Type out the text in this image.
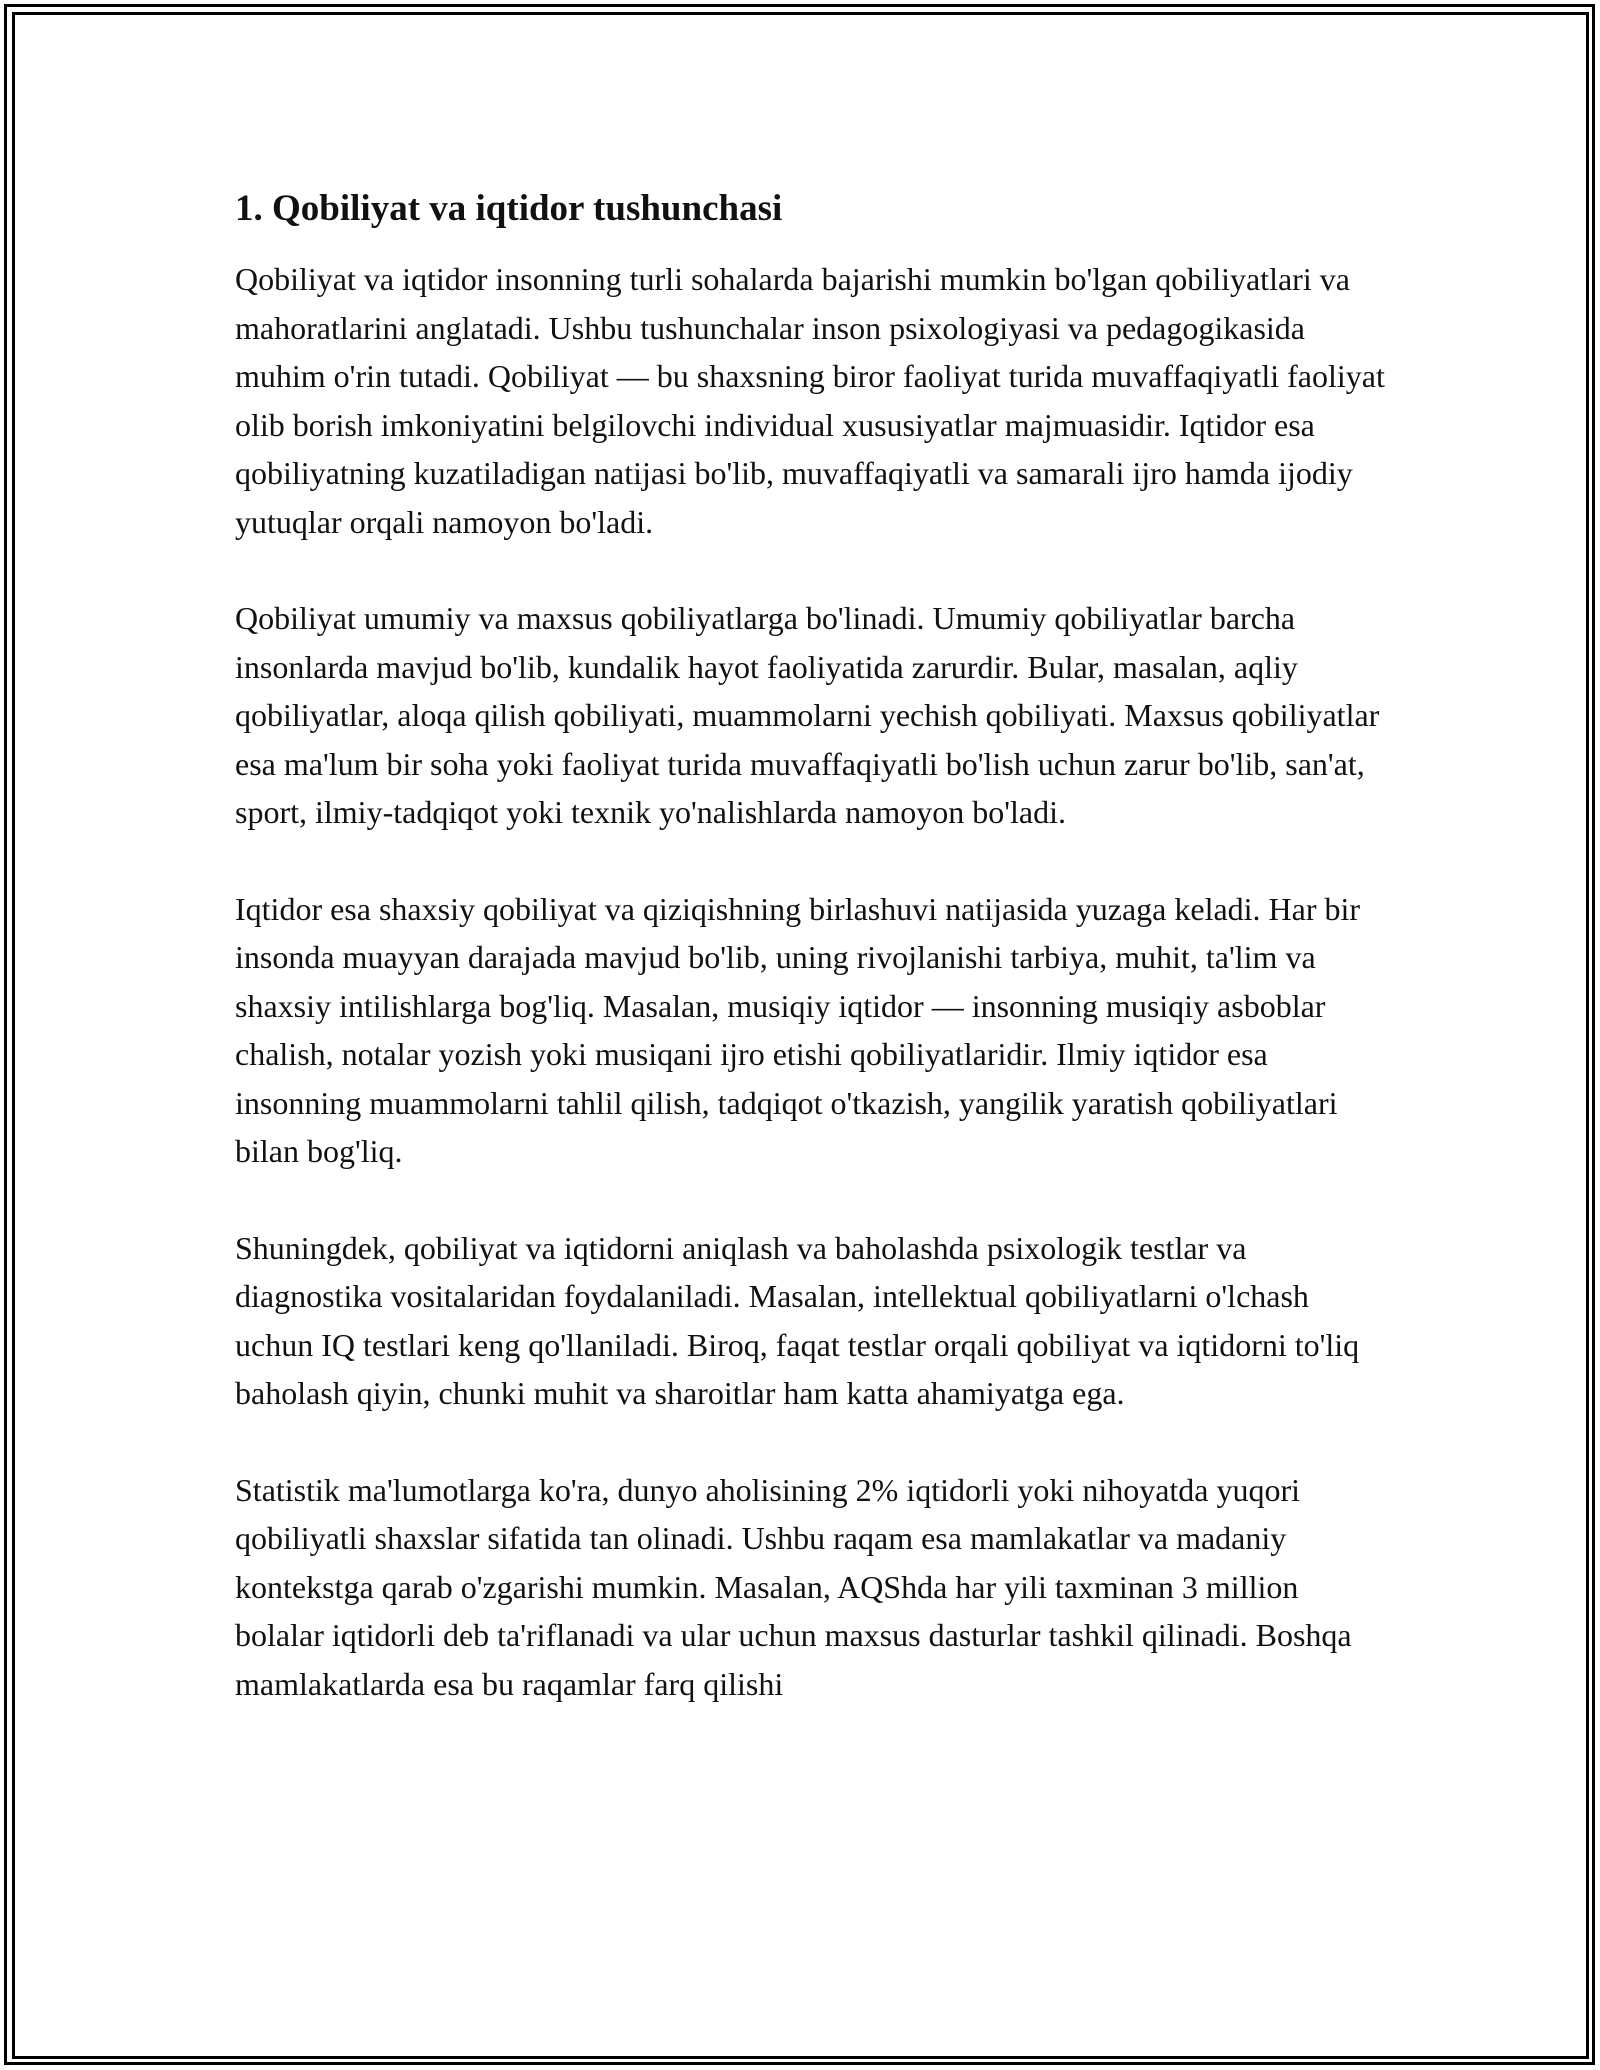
1. Qobiliyat va iqtidor tushunchasi

Qobiliyat va iqtidor insonning turli sohalarda bajarishi mumkin bo'lgan qobiliyatlari va mahoratlarini anglatadi. Ushbu tushunchalar inson psixologiyasi va pedagogikasida muhim o'rin tutadi. Qobiliyat — bu shaxsning biror faoliyat turida muvaffaqiyatli faoliyat olib borish imkoniyatini belgilovchi individual xususiyatlar majmuasidir. Iqtidor esa qobiliyatning kuzatiladigan natijasi bo'lib, muvaffaqiyatli va samarali ijro hamda ijodiy yutuqlar orqali namoyon bo'ladi.

Qobiliyat umumiy va maxsus qobiliyatlarga bo'linadi. Umumiy qobiliyatlar barcha insonlarda mavjud bo'lib, kundalik hayot faoliyatida zarurdir. Bular, masalan, aqliy qobiliyatlar, aloqa qilish qobiliyati, muammolarni yechish qobiliyati. Maxsus qobiliyatlar esa ma'lum bir soha yoki faoliyat turida muvaffaqiyatli bo'lish uchun zarur bo'lib, san'at, sport, ilmiy-tadqiqot yoki texnik yo'nalishlarda namoyon bo'ladi.

Iqtidor esa shaxsiy qobiliyat va qiziqishning birlashuvi natijasida yuzaga keladi. Har bir insonda muayyan darajada mavjud bo'lib, uning rivojlanishi tarbiya, muhit, ta'lim va shaxsiy intilishlarga bog'liq. Masalan, musiqiy iqtidor — insonning musiqiy asboblar chalish, notalar yozish yoki musiqani ijro etishi qobiliyatlaridir. Ilmiy iqtidor esa insonning muammolarni tahlil qilish, tadqiqot o'tkazish, yangilik yaratish qobiliyatlari bilan bog'liq.

Shuningdek, qobiliyat va iqtidorni aniqlash va baholashda psixologik testlar va diagnostika vositalaridan foydalaniladi. Masalan, intellektual qobiliyatlarni o'lchash uchun IQ testlari keng qo'llaniladi. Biroq, faqat testlar orqali qobiliyat va iqtidorni to'liq baholash qiyin, chunki muhit va sharoitlar ham katta ahamiyatga ega.

Statistik ma'lumotlarga ko'ra, dunyo aholisining 2% iqtidorli yoki nihoyatda yuqori qobiliyatli shaxslar sifatida tan olinadi. Ushbu raqam esa mamlakatlar va madaniy kontekstga qarab o'zgarishi mumkin. Masalan, AQShda har yili taxminan 3 million bolalar iqtidorli deb ta'riflanadi va ular uchun maxsus dasturlar tashkil qilinadi. Boshqa mamlakatlarda esa bu raqamlar farq qilishi
